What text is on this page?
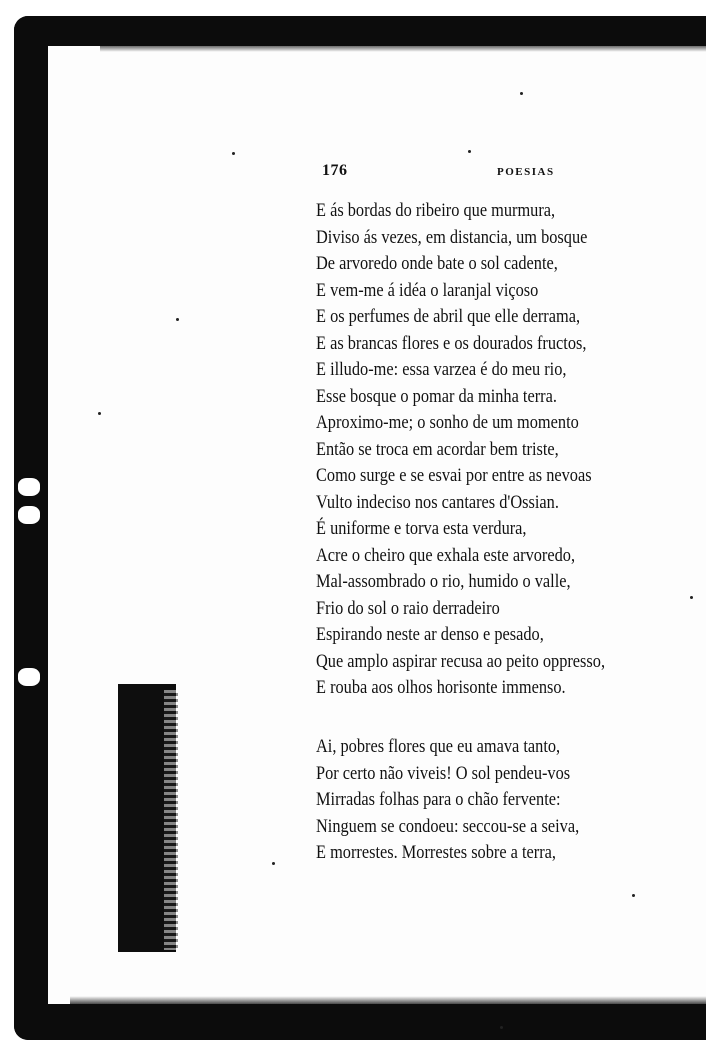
176	POESIAS
E ás bordas do ribeiro que murmura,
Diviso ás vezes, em distancia, um bosque
De arvoredo onde bate o sol cadente,
E vem-me á idéa o laranjal viçoso
E os perfumes de abril que elle derrama,
E as brancas flores e os dourados fructos,
E illudo-me: essa varzea é do meu rio,
Esse bosque o pomar da minha terra.
Aproximo-me; o sonho de um momento
Então se troca em acordar bem triste,
Como surge e se esvai por entre as nevoas
Vulto indeciso nos cantares d'Ossian.
É uniforme e torva esta verdura,
Acre o cheiro que exhala este arvoredo,
Mal-assombrado o rio, humido o valle,
Frio do sol o raio derradeiro
Espirando neste ar denso e pesado,
Que amplo aspirar recusa ao peito oppresso,
E rouba aos olhos horisonte immenso.
Ai, pobres flores que eu amava tanto,
Por certo não viveis! O sol pendeu-vos
Mirradas folhas para o chão fervente:
Ninguem se condoeu: seccou-se a seiva,
E morrestes. Morrestes sobre a terra,
